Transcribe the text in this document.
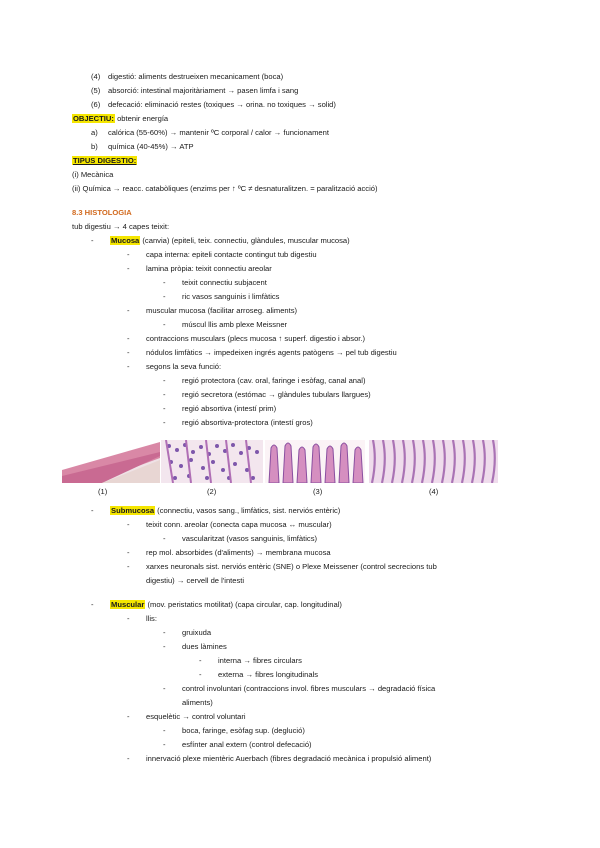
(4) digestió: aliments destrueixen mecanicament (boca)
(5) absorció: intestinal majoritàriament → pasen limfa i sang
(6) defecació: eliminació restes (toxiques → orina. no toxiques → solid)
OBJECTIU: obtenir energía
a) calórica (55-60%) → mantenir ºC corporal / calor → funcionament
b) química (40-45%) → ATP
TIPUS DIGESTIO:
(i) Mecànica
(ii) Química → reacc. catabòliques (enzims per ↑ ºC ≠ desnaturalitzen. = paralització acció)
8.3 HISTOLOGIA
tub digestiu → 4 capes teixit:
- Mucosa (canvia) (epiteli, teix. connectiu, glàndules, muscular mucosa)
- capa interna: epiteli contacte contingut tub digestiu
- lamina pròpia: teixit connectiu areolar
- teixit connectiu subjacent
- ric vasos sanguinis i limfàtics
- muscular mucosa (facilitar arroseg. aliments)
- múscul llis amb plexe Meissner
- contraccions musculars (plecs mucosa ↑ superf. digestio i absor.)
- nódulos limfàtics → impedeixen ingrés agents patògens → pel tub digestiu
- segons la seva funció:
- regió protectora (cav. oral, faringe i esòfag, canal anal)
- regió secretora (estómac → glàndules tubulars llargues)
- regió absortiva (intestí prim)
- regió absortiva-protectora (intestí gros)
(1)	(2)	(3)	(4)
- Submucosa (connectiu, vasos sang., limfàtics, sist. nerviós entèric)
- teixit conn. areolar (conecta capa mucosa ↔ muscular)
- vascularitzat (vasos sanguinis, limfàtics)
- rep mol. absorbides (d'aliments) → membrana mucosa
- xarxes neuronals sist. nerviós entèric (SNE) o Plexe Meissener (control secrecions tub
digestiu) → cervell de l'intesti
- Muscular (mov. peristatics motilitat) (capa circular, cap. longitudinal)
- llis:
- gruixuda
- dues làmines
- interna → fibres circulars
- externa → fibres longitudinals
- control involuntari (contraccions invol. fibres musculars → degradació física
aliments)
- esquelètic → control voluntari
- boca, faringe, esòfag sup. (deglució)
- esfínter anal extern (control defecació)
- innervació plexe mientèric Auerbach (fibres degradació mecànica i propulsió aliment)
